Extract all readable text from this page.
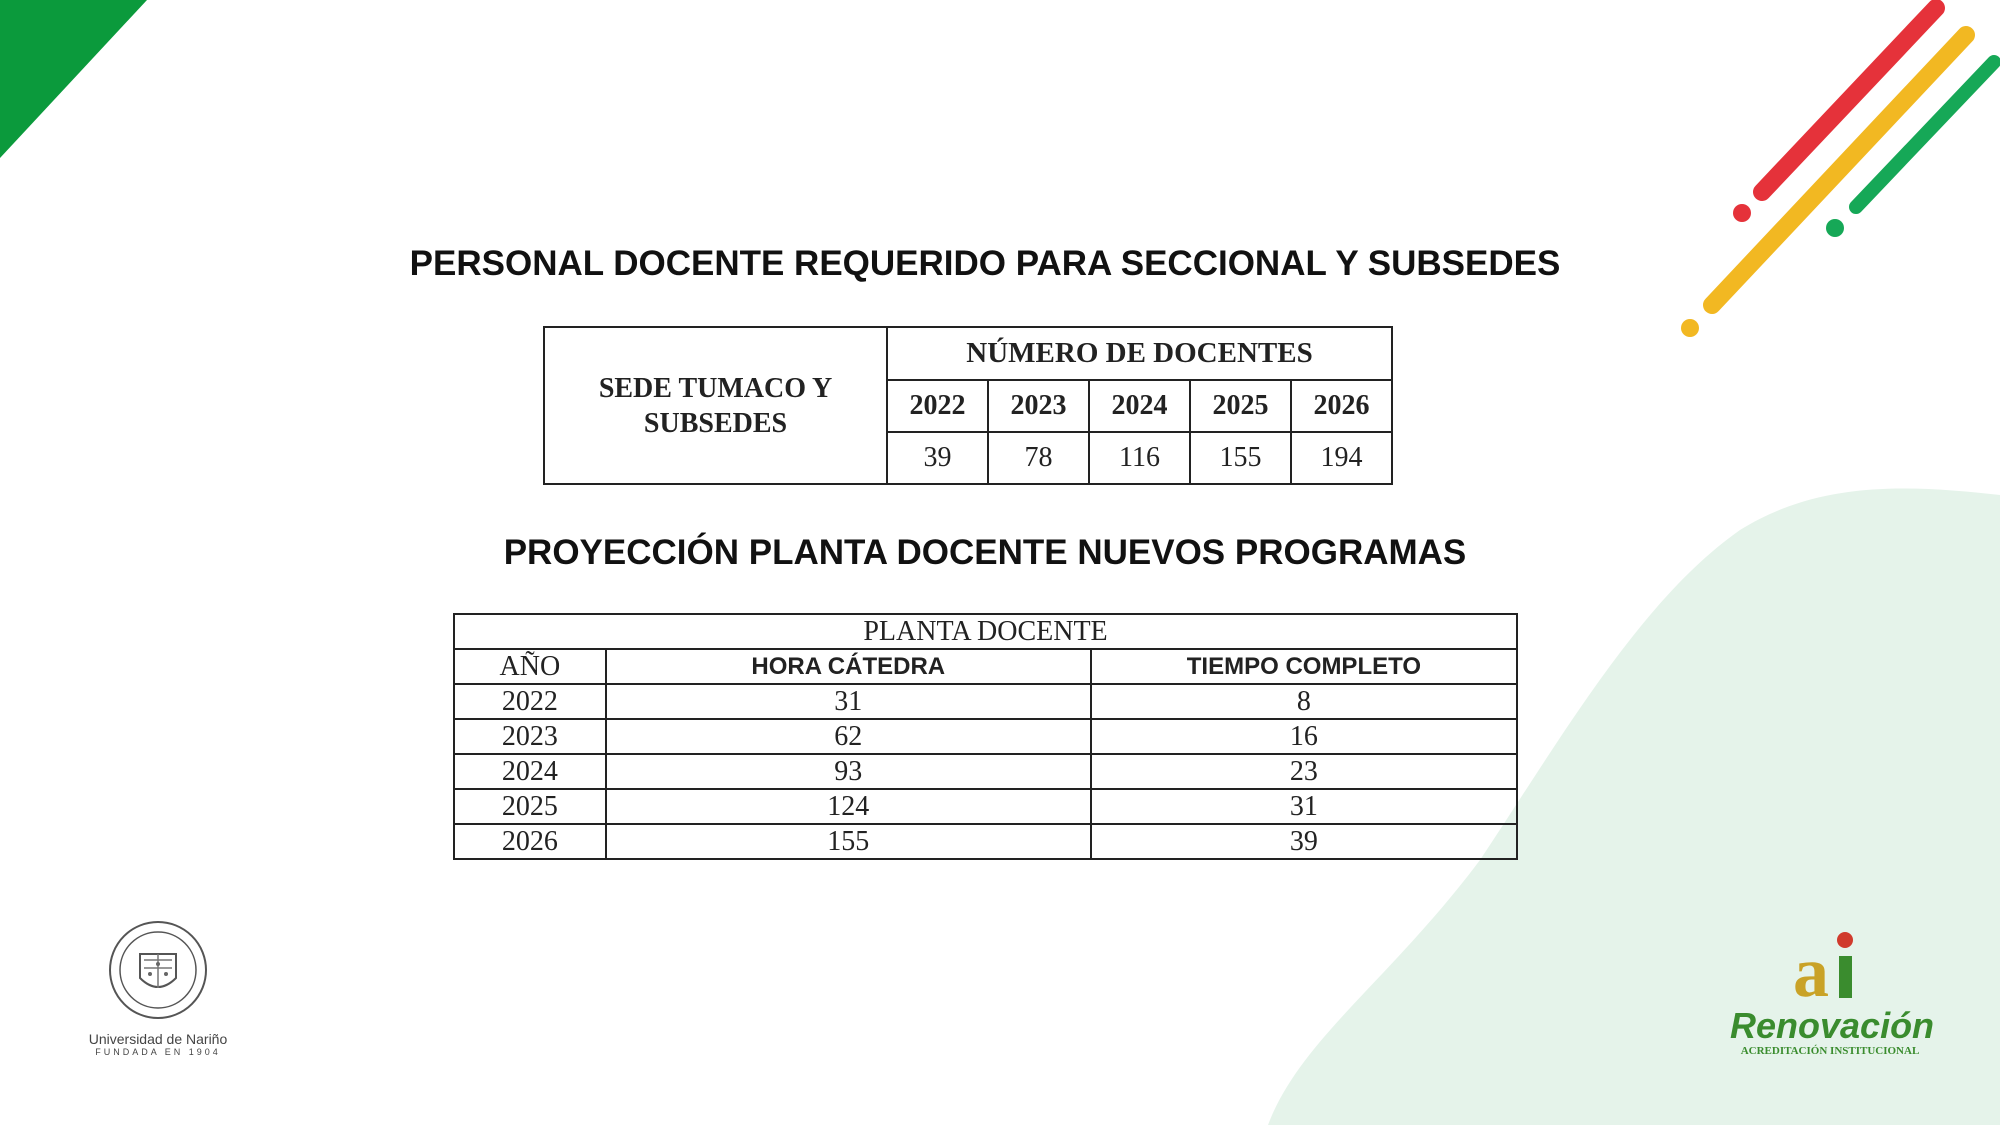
PERSONAL DOCENTE REQUERIDO PARA SECCIONAL Y SUBSEDES
SEDE TUMACO Y SUBSEDES	NÚMERO DE DOCENTES				
	2022	2023	2024	2025	2026
	39	78	116	155	194
PROYECCIÓN PLANTA DOCENTE NUEVOS PROGRAMAS
PLANTA DOCENTE		
AÑO	HORA CÁTEDRA	TIEMPO COMPLETO
2022	31	8
2023	62	16
2024	93	23
2025	124	31
2026	155	39
Universidad de Nariño
FUNDADA EN 1904
a
Renovación
ACREDITACIÓN INSTITUCIONAL
